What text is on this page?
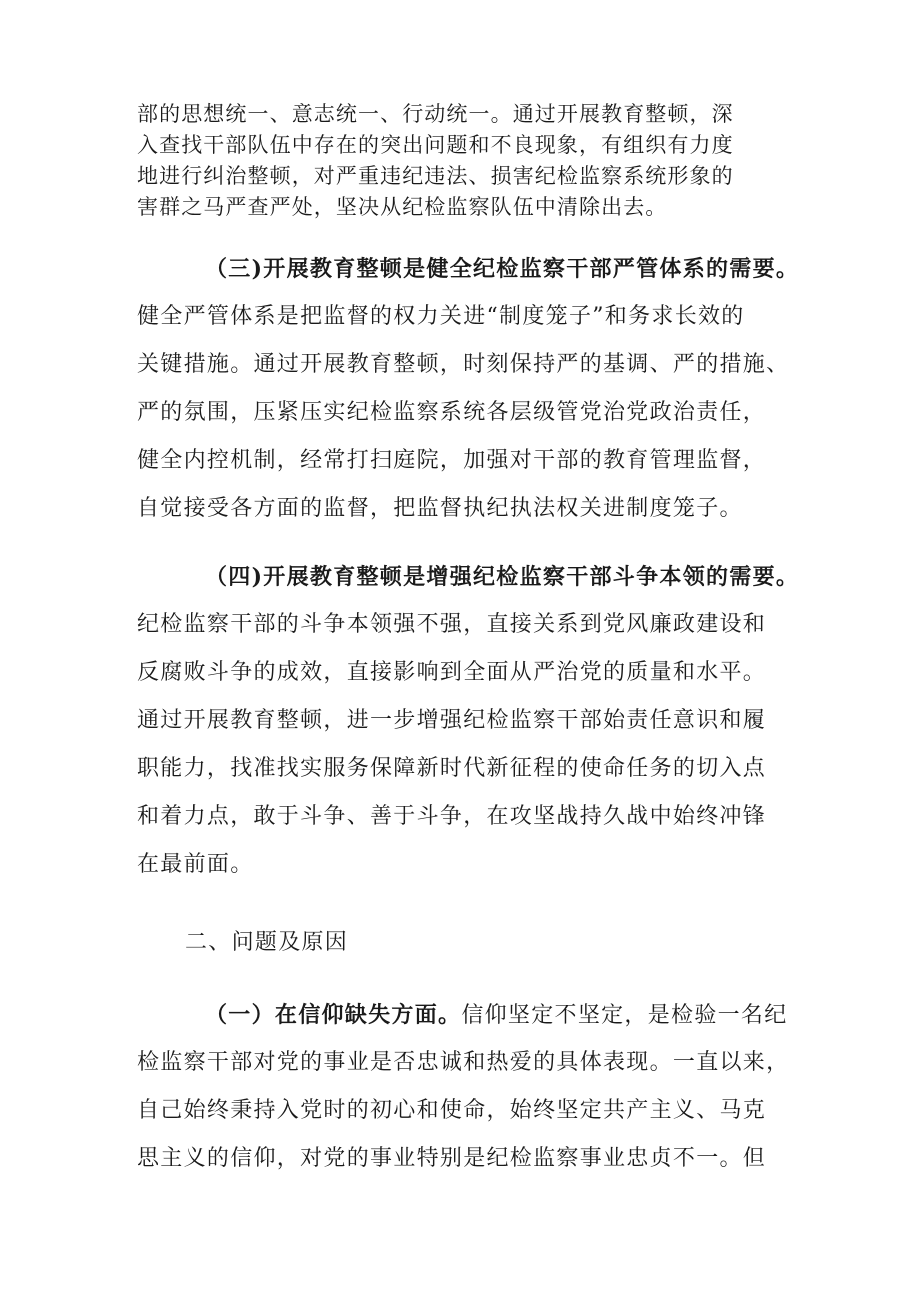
部的思想统一、意志统一、行动统一。通过开展教育整顿，深
入查找干部队伍中存在的突出问题和不良现象，有组织有力度
地进行纠治整顿，对严重违纪违法、损害纪检监察系统形象的
害群之马严查严处，坚决从纪检监察队伍中清除出去。
（三)开展教育整顿是健全纪检监察干部严管体系的需要。
健全严管体系是把监督的权力关进“制度笼子”和务求长效的
关键措施。通过开展教育整顿，时刻保持严的基调、严的措施、
严的氛围，压紧压实纪检监察系统各层级管党治党政治责任，
健全内控机制，经常打扫庭院，加强对干部的教育管理监督，
自觉接受各方面的监督，把监督执纪执法权关进制度笼子。
（四)开展教育整顿是增强纪检监察干部斗争本领的需要。
纪检监察干部的斗争本领强不强，直接关系到党风廉政建设和
反腐败斗争的成效，直接影响到全面从严治党的质量和水平。
通过开展教育整顿，进一步增强纪检监察干部始责任意识和履
职能力，找准找实服务保障新时代新征程的使命任务的切入点
和着力点，敢于斗争、善于斗争，在攻坚战持久战中始终冲锋
在最前面。
二、问题及原因
（一）在信仰缺失方面。信仰坚定不坚定，是检验一名纪
检监察干部对党的事业是否忠诚和热爱的具体表现。一直以来，
自己始终秉持入党时的初心和使命，始终坚定共产主义、马克
思主义的信仰，对党的事业特别是纪检监察事业忠贞不一。但
